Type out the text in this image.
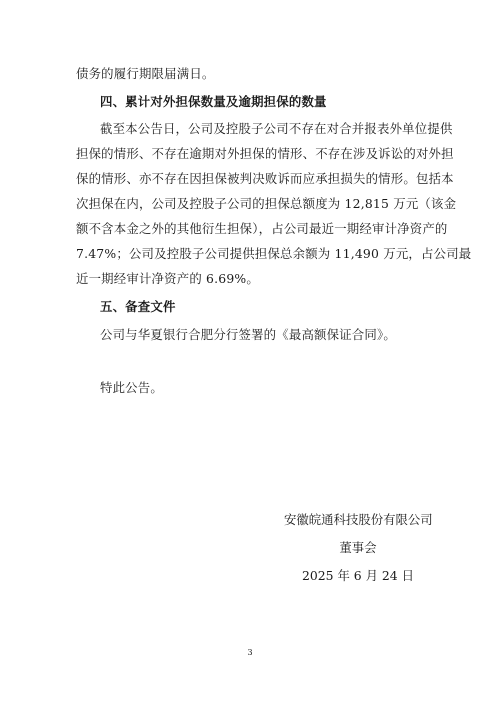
债务的履行期限届满日。
四、累计对外担保数量及逾期担保的数量
截至本公告日，公司及控股子公司不存在对合并报表外单位提供
担保的情形、不存在逾期对外担保的情形、不存在涉及诉讼的对外担
保的情形、亦不存在因担保被判决败诉而应承担损失的情形。包括本
次担保在内，公司及控股子公司的担保总额度为 12,815 万元（该金
额不含本金之外的其他衍生担保），占公司最近一期经审计净资产的
7.47%；公司及控股子公司提供担保总余额为 11,490 万元，占公司最
近一期经审计净资产的 6.69%。
五、备查文件
公司与华夏银行合肥分行签署的《最高额保证合同》。
特此公告。
安徽皖通科技股份有限公司
董事会
2025 年 6 月 24 日
3
